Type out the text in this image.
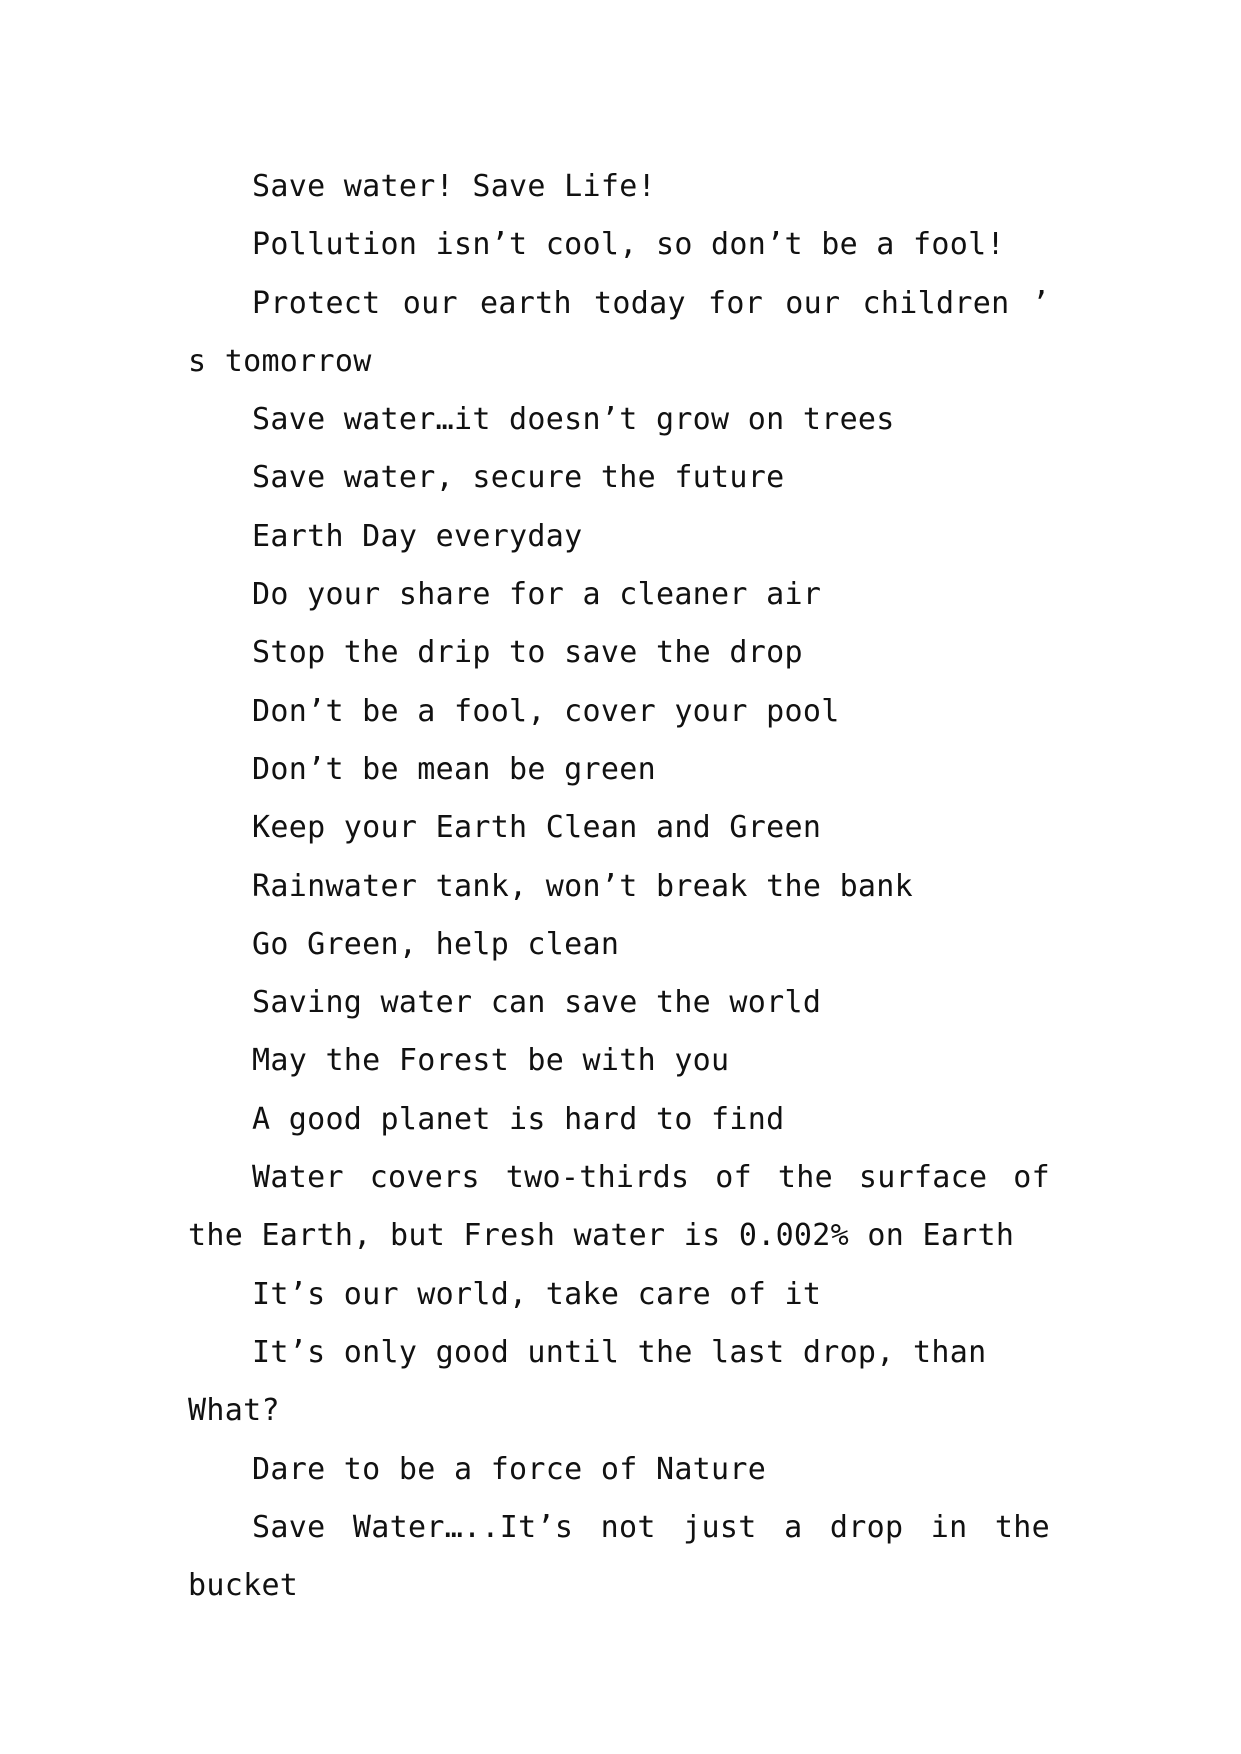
Save water! Save Life!

Pollution isn’t cool, so don’t be a fool!

Protect our earth today for our children ’ s tomorrow

Save water…it doesn’t grow on trees

Save water, secure the future

Earth Day everyday

Do your share for a cleaner air

Stop the drip to save the drop

Don’t be a fool, cover your pool

Don’t be mean be green

Keep your Earth Clean and Green

Rainwater tank, won’t break the bank

Go Green, help clean

Saving water can save the world

May the Forest be with you

A good planet is hard to find

Water covers two-thirds of the surface of the Earth, but Fresh water is 0.002% on Earth

It’s our world, take care of it

It’s only good until the last drop, than What?

Dare to be a force of Nature

Save Water…..It’s not just a drop in the bucket
